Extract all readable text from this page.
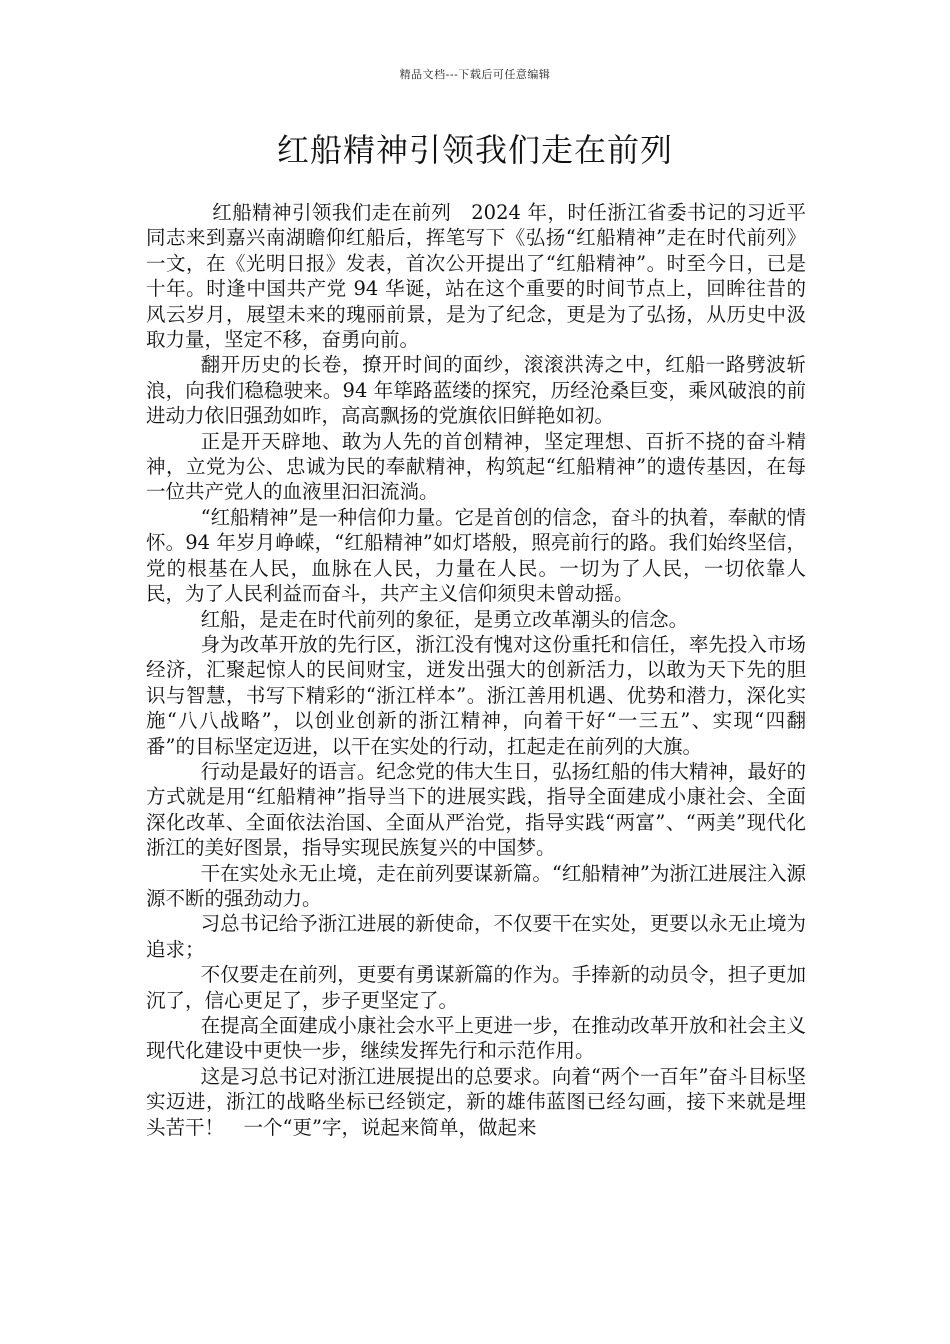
精品文档---下载后可任意编辑
红船精神引领我们走在前列

红船精神引领我们走在前列　2024 年，时任浙江省委书记的习近平同志来到嘉兴南湖瞻仰红船后，挥笔写下《弘扬“红船精神”走在时代前列》一文，在《光明日报》发表，首次公开提出了“红船精神”。时至今日，已是十年。时逢中国共产党 94 华诞，站在这个重要的时间节点上，回眸往昔的风云岁月，展望未来的瑰丽前景，是为了纪念，更是为了弘扬，从历史中汲取力量，坚定不移，奋勇向前。

翻开历史的长卷，撩开时间的面纱，滚滚洪涛之中，红船一路劈波斩浪，向我们稳稳驶来。94 年筚路蓝缕的探究，历经沧桑巨变，乘风破浪的前进动力依旧强劲如昨，高高飘扬的党旗依旧鲜艳如初。

正是开天辟地、敢为人先的首创精神，坚定理想、百折不挠的奋斗精神，立党为公、忠诚为民的奉献精神，构筑起“红船精神”的遗传基因，在每一位共产党人的血液里汩汩流淌。

“红船精神”是一种信仰力量。它是首创的信念，奋斗的执着，奉献的情怀。94 年岁月峥嵘，“红船精神”如灯塔般，照亮前行的路。我们始终坚信，党的根基在人民，血脉在人民，力量在人民。一切为了人民，一切依靠人民，为了人民利益而奋斗，共产主义信仰须臾未曾动摇。

红船，是走在时代前列的象征，是勇立改革潮头的信念。

身为改革开放的先行区，浙江没有愧对这份重托和信任，率先投入市场经济，汇聚起惊人的民间财宝，迸发出强大的创新活力，以敢为天下先的胆识与智慧，书写下精彩的“浙江样本”。浙江善用机遇、优势和潜力，深化实施“八八战略”，以创业创新的浙江精神，向着干好“一三五”、实现“四翻番”的目标坚定迈进，以干在实处的行动，扛起走在前列的大旗。

行动是最好的语言。纪念党的伟大生日，弘扬红船的伟大精神，最好的方式就是用“红船精神”指导当下的进展实践，指导全面建成小康社会、全面深化改革、全面依法治国、全面从严治党，指导实践“两富”、“两美”现代化浙江的美好图景，指导实现民族复兴的中国梦。

干在实处永无止境，走在前列要谋新篇。“红船精神”为浙江进展注入源源不断的强劲动力。

习总书记给予浙江进展的新使命，不仅要干在实处，更要以永无止境为追求；

不仅要走在前列，更要有勇谋新篇的作为。手捧新的动员令，担子更加沉了，信心更足了，步子更坚定了。

在提高全面建成小康社会水平上更进一步，在推动改革开放和社会主义现代化建设中更快一步，继续发挥先行和示范作用。

这是习总书记对浙江进展提出的总要求。向着“两个一百年”奋斗目标坚实迈进，浙江的战略坐标已经锁定，新的雄伟蓝图已经勾画，接下来就是埋头苦干！　一个“更”字，说起来简单，做起来
